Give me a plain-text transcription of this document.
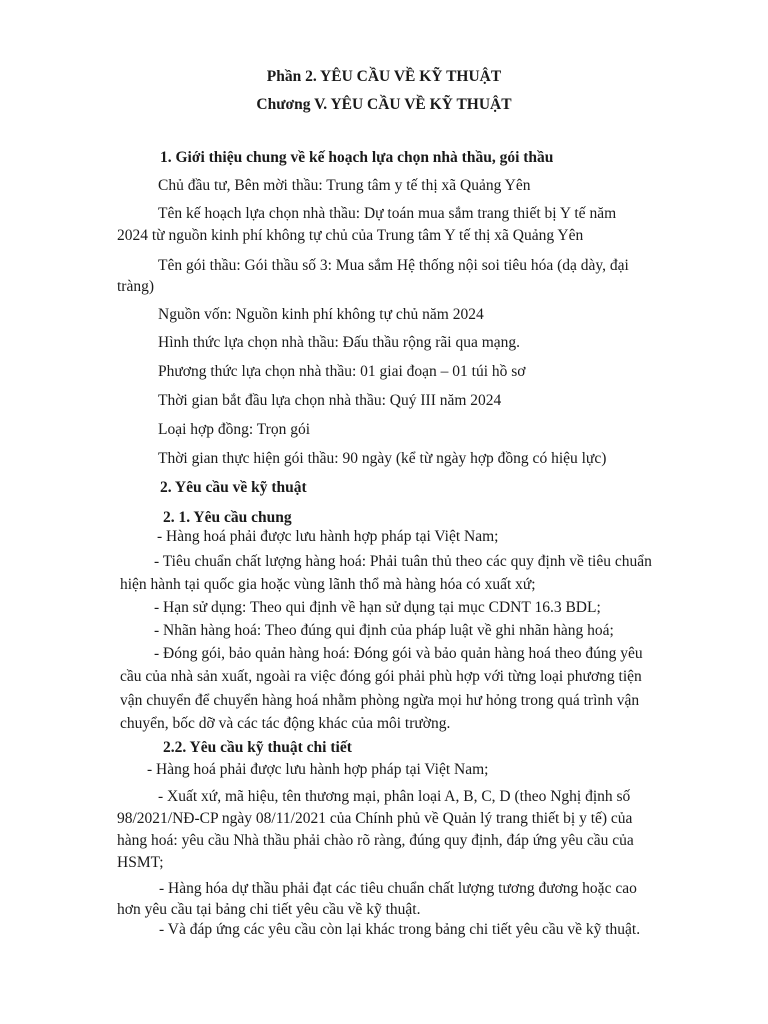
Phần 2. YÊU CẦU VỀ KỸ THUẬT
Chương V. YÊU CẦU VỀ KỸ THUẬT
1. Giới thiệu chung về kế hoạch lựa chọn nhà thầu, gói thầu
Chủ đầu tư, Bên mời thầu: Trung tâm y tế thị xã Quảng Yên
Tên kế hoạch lựa chọn nhà thầu: Dự toán mua sắm trang thiết bị Y tế năm
2024 từ nguồn kinh phí không tự chủ của Trung tâm Y tế thị xã Quảng Yên
Tên gói thầu: Gói thầu số 3: Mua sắm Hệ thống nội soi tiêu hóa (dạ dày, đại
tràng)
Nguồn vốn: Nguồn kinh phí không tự chủ năm 2024
Hình thức lựa chọn nhà thầu: Đấu thầu rộng rãi qua mạng.
Phương thức lựa chọn nhà thầu: 01 giai đoạn – 01 túi hồ sơ
Thời gian bắt đầu lựa chọn nhà thầu: Quý III năm 2024
Loại hợp đồng: Trọn gói
Thời gian thực hiện gói thầu: 90 ngày (kể từ ngày hợp đồng có hiệu lực)
2. Yêu cầu về kỹ thuật
2. 1. Yêu cầu chung
- Hàng hoá phải được lưu hành hợp pháp tại Việt Nam;
- Tiêu chuẩn chất lượng hàng hoá: Phải tuân thủ theo các quy định về tiêu chuẩn
hiện hành tại quốc gia hoặc vùng lãnh thổ mà hàng hóa có xuất xứ;
- Hạn sử dụng: Theo qui định về hạn sử dụng tại mục CDNT 16.3 BDL;
- Nhãn hàng hoá: Theo đúng qui định của pháp luật về ghi nhãn hàng hoá;
- Đóng gói, bảo quản hàng hoá: Đóng gói và bảo quản hàng hoá theo đúng yêu
cầu của nhà sản xuất, ngoài ra việc đóng gói phải phù hợp với từng loại phương tiện
vận chuyển để chuyển hàng hoá nhằm phòng ngừa mọi hư hỏng trong quá trình vận
chuyển, bốc dỡ và các tác động khác của môi trường.
2.2. Yêu cầu kỹ thuật chi tiết
- Hàng hoá phải được lưu hành hợp pháp tại Việt Nam;
- Xuất xứ, mã hiệu, tên thương mại, phân loại A, B, C, D (theo Nghị định số
98/2021/NĐ-CP ngày 08/11/2021 của Chính phủ về Quản lý trang thiết bị y tế) của
hàng hoá: yêu cầu Nhà thầu phải chào rõ ràng, đúng quy định, đáp ứng yêu cầu của
HSMT;
- Hàng hóa dự thầu phải đạt các tiêu chuẩn chất lượng tương đương hoặc cao
hơn yêu cầu tại bảng chi tiết yêu cầu về kỹ thuật.
- Và đáp ứng các yêu cầu còn lại khác trong bảng chi tiết yêu cầu về kỹ thuật.
